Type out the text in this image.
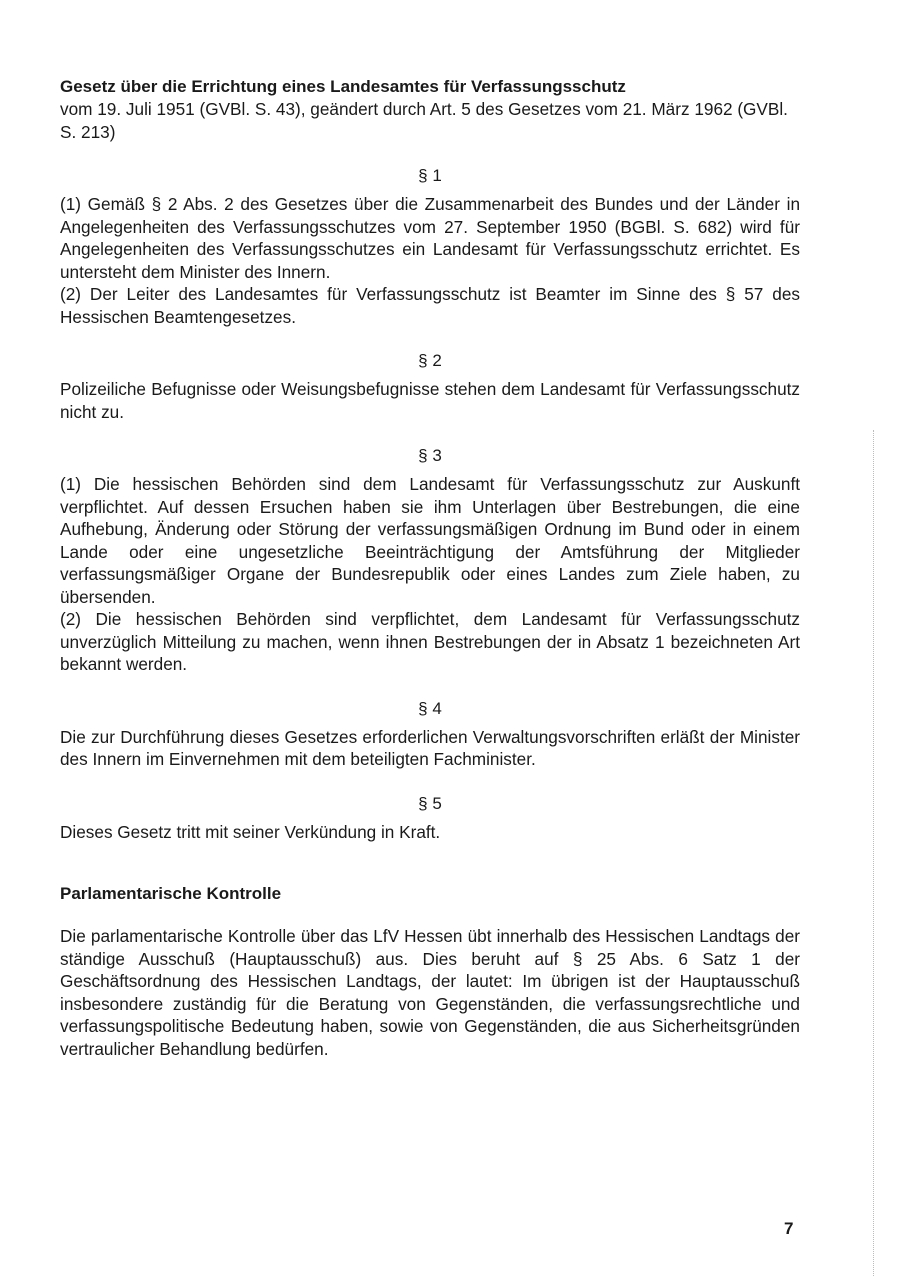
Gesetz über die Errichtung eines Landesamtes für Verfassungsschutz

vom 19. Juli 1951 (GVBl. S. 43), geändert durch Art. 5 des Gesetzes vom 21. März 1962 (GVBl. S. 213)

§ 1

(1) Gemäß § 2 Abs. 2 des Gesetzes über die Zusammenarbeit des Bundes und der Länder in Angelegenheiten des Verfassungsschutzes vom 27. September 1950 (BGBl. S. 682) wird für Angelegenheiten des Verfassungsschutzes ein Landesamt für Verfassungsschutz errichtet. Es untersteht dem Minister des Innern.

(2) Der Leiter des Landesamtes für Verfassungsschutz ist Beamter im Sinne des § 57 des Hessischen Beamtengesetzes.

§ 2

Polizeiliche Befugnisse oder Weisungsbefugnisse stehen dem Landesamt für Verfassungsschutz nicht zu.

§ 3

(1) Die hessischen Behörden sind dem Landesamt für Verfassungsschutz zur Auskunft verpflichtet. Auf dessen Ersuchen haben sie ihm Unterlagen über Bestrebungen, die eine Aufhebung, Änderung oder Störung der verfassungsmäßigen Ordnung im Bund oder in einem Lande oder eine ungesetzliche Beeinträchtigung der Amtsführung der Mitglieder verfassungsmäßiger Organe der Bundesrepublik oder eines Landes zum Ziele haben, zu übersenden.

(2) Die hessischen Behörden sind verpflichtet, dem Landesamt für Verfassungsschutz unverzüglich Mitteilung zu machen, wenn ihnen Bestrebungen der in Absatz 1 bezeichneten Art bekannt werden.

§ 4

Die zur Durchführung dieses Gesetzes erforderlichen Verwaltungsvorschriften erläßt der Minister des Innern im Einvernehmen mit dem beteiligten Fachminister.

§ 5

Dieses Gesetz tritt mit seiner Verkündung in Kraft.

Parlamentarische Kontrolle

Die parlamentarische Kontrolle über das LfV Hessen übt innerhalb des Hessischen Landtags der ständige Ausschuß (Hauptausschuß) aus. Dies beruht auf § 25 Abs. 6 Satz 1 der Geschäftsordnung des Hessischen Landtags, der lautet: Im übrigen ist der Hauptausschuß insbesondere zuständig für die Beratung von Gegenständen, die verfassungsrechtliche und verfassungspolitische Bedeutung haben, sowie von Gegenständen, die aus Sicherheitsgründen vertraulicher Behandlung bedürfen.

7
